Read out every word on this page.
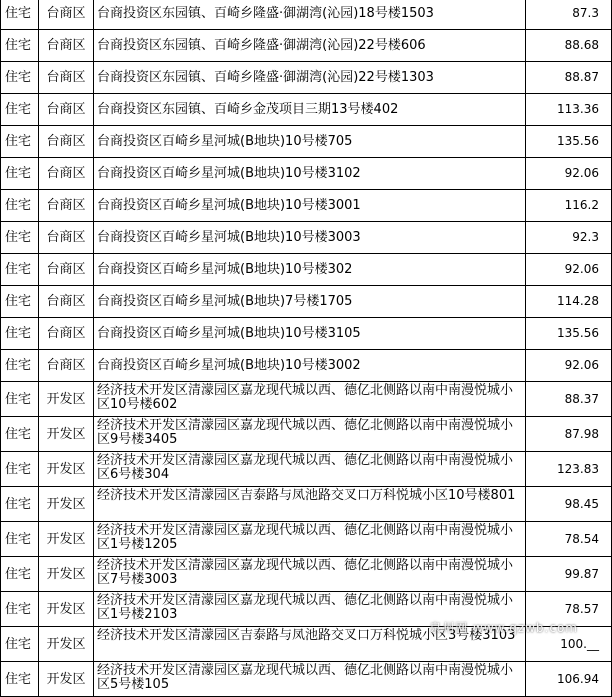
住宅	台商区	台商投资区东园镇、百崎乡隆盛·御湖湾(沁园)18号楼1503	87.3
住宅	台商区	台商投资区东园镇、百崎乡隆盛·御湖湾(沁园)22号楼606	88.68
住宅	台商区	台商投资区东园镇、百崎乡隆盛·御湖湾(沁园)22号楼1303	88.87
住宅	台商区	台商投资区东园镇、百崎乡金茂项目三期13号楼402	113.36
住宅	台商区	台商投资区百崎乡星河城(B地块)10号楼705	135.56
住宅	台商区	台商投资区百崎乡星河城(B地块)10号楼3102	92.06
住宅	台商区	台商投资区百崎乡星河城(B地块)10号楼3001	116.2
住宅	台商区	台商投资区百崎乡星河城(B地块)10号楼3003	92.3
住宅	台商区	台商投资区百崎乡星河城(B地块)10号楼302	92.06
住宅	台商区	台商投资区百崎乡星河城(B地块)7号楼1705	114.28
住宅	台商区	台商投资区百崎乡星河城(B地块)10号楼3105	135.56
住宅	台商区	台商投资区百崎乡星河城(B地块)10号楼3002	92.06
住宅	开发区	经济技术开发区清濛园区嘉龙现代城以西、德亿北侧路以南中南漫悦城小区10号楼602	88.37
住宅	开发区	经济技术开发区清濛园区嘉龙现代城以西、德亿北侧路以南中南漫悦城小区9号楼3405	87.98
住宅	开发区	经济技术开发区清濛园区嘉龙现代城以西、德亿北侧路以南中南漫悦城小区6号楼304	123.83
住宅	开发区	经济技术开发区清濛园区吉泰路与凤池路交叉口万科悦城小区10号楼801	98.45
住宅	开发区	经济技术开发区清濛园区嘉龙现代城以西、德亿北侧路以南中南漫悦城小区1号楼1205	78.54
住宅	开发区	经济技术开发区清濛园区嘉龙现代城以西、德亿北侧路以南中南漫悦城小区7号楼3003	99.87
住宅	开发区	经济技术开发区清濛园区嘉龙现代城以西、德亿北侧路以南中南漫悦城小区1号楼2103	78.57
住宅	开发区	经济技术开发区清濛园区吉泰路与凤池路交叉口万科悦城小区3号楼3103	100.__
住宅	开发区	经济技术开发区清濛园区嘉龙现代城以西、德亿北侧路以南中南漫悦城小区5号楼105	106.94
泉州网 www.qzwb.com
